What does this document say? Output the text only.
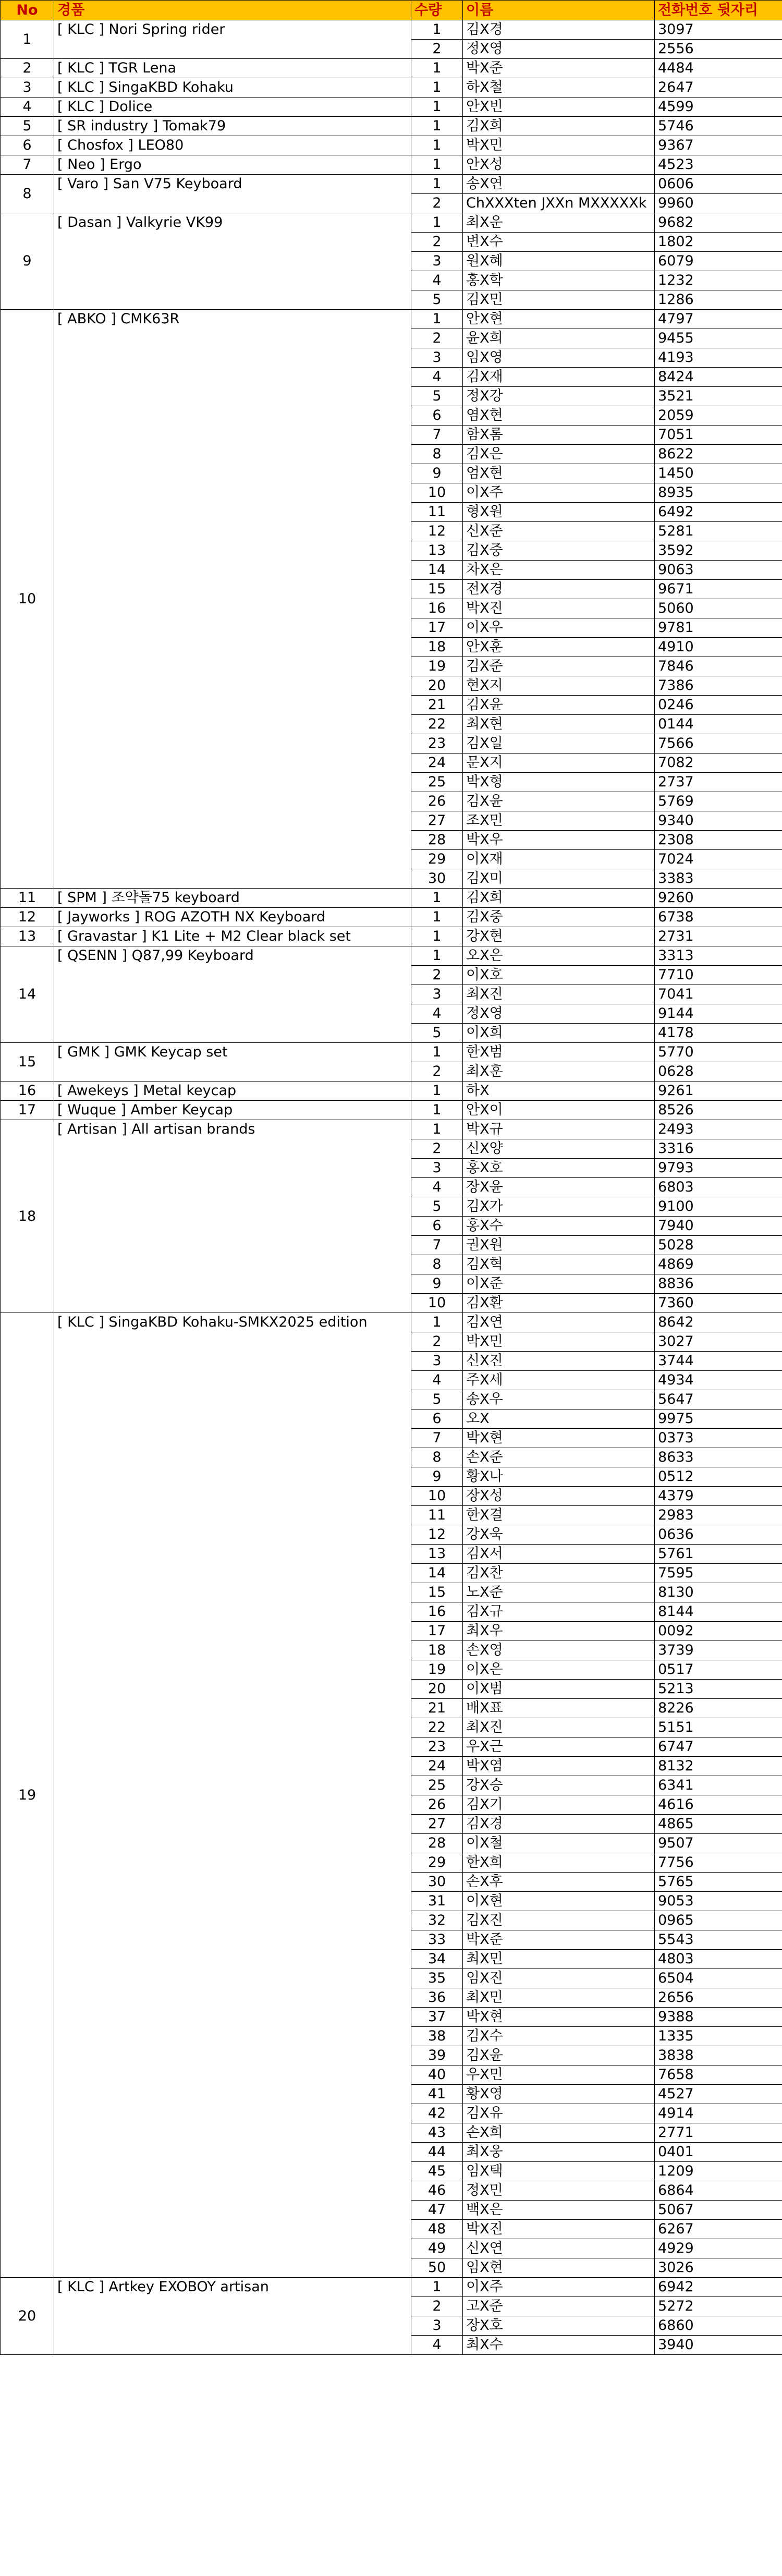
No	경품	수량	이름	전화번호 뒷자리
1	[ KLC ] Nori Spring rider	1	김X경	3097
		2	정X영	2556
2	[ KLC ] TGR Lena	1	박X준	4484
3	[ KLC ] SingaKBD Kohaku	1	하X철	2647
4	[ KLC ] Dolice	1	안X빈	4599
5	[ SR industry ] Tomak79	1	김X희	5746
6	[ Chosfox ] LEO80	1	박X민	9367
7	[ Neo ] Ergo	1	안X성	4523
8	[ Varo ] San V75 Keyboard	1	송X연	0606
		2	ChXXXten JXXn MXXXXXk	9960
9	[ Dasan ] Valkyrie VK99	1	최X운	9682
		2	변X수	1802
		3	원X혜	6079
		4	홍X학	1232
		5	김X민	1286
10	[ ABKO ] CMK63R	1	안X현	4797
		2	윤X희	9455
		3	임X영	4193
		4	김X재	8424
		5	정X강	3521
		6	염X현	2059
		7	함X롬	7051
		8	김X은	8622
		9	엄X현	1450
		10	이X주	8935
		11	형X원	6492
		12	신X준	5281
		13	김X중	3592
		14	차X은	9063
		15	전X경	9671
		16	박X진	5060
		17	이X우	9781
		18	안X훈	4910
		19	김X준	7846
		20	현X지	7386
		21	김X윤	0246
		22	최X현	0144
		23	김X일	7566
		24	문X지	7082
		25	박X형	2737
		26	김X윤	5769
		27	조X민	9340
		28	박X우	2308
		29	이X재	7024
		30	김X미	3383
11	[ SPM ] 조약돌75 keyboard	1	김X희	9260
12	[ Jayworks ] ROG AZOTH NX Keyboard	1	김X중	6738
13	[ Gravastar ] K1 Lite + M2 Clear black set	1	강X현	2731
14	[ QSENN ] Q87,99 Keyboard	1	오X은	3313
		2	이X호	7710
		3	최X진	7041
		4	정X영	9144
		5	이X희	4178
15	[ GMK ] GMK Keycap set	1	한X범	5770
		2	최X훈	0628
16	[ Awekeys ] Metal keycap	1	하X	9261
17	[ Wuque ] Amber Keycap	1	안X이	8526
18	[ Artisan ] All artisan brands	1	박X규	2493
		2	신X양	3316
		3	홍X호	9793
		4	장X윤	6803
		5	김X가	9100
		6	홍X수	7940
		7	권X원	5028
		8	김X혁	4869
		9	이X준	8836
		10	김X환	7360
19	[ KLC ] SingaKBD Kohaku-SMKX2025 edition	1	김X연	8642
		2	박X민	3027
		3	신X진	3744
		4	주X세	4934
		5	송X우	5647
		6	오X	9975
		7	박X현	0373
		8	손X준	8633
		9	황X나	0512
		10	장X성	4379
		11	한X결	2983
		12	강X욱	0636
		13	김X서	5761
		14	김X찬	7595
		15	노X준	8130
		16	김X규	8144
		17	최X우	0092
		18	손X영	3739
		19	이X은	0517
		20	이X범	5213
		21	배X표	8226
		22	최X진	5151
		23	우X근	6747
		24	박X염	8132
		25	강X승	6341
		26	김X기	4616
		27	김X경	4865
		28	이X철	9507
		29	한X희	7756
		30	손X후	5765
		31	이X현	9053
		32	김X진	0965
		33	박X준	5543
		34	최X민	4803
		35	임X진	6504
		36	최X민	2656
		37	박X현	9388
		38	김X수	1335
		39	김X윤	3838
		40	우X민	7658
		41	황X영	4527
		42	김X유	4914
		43	손X희	2771
		44	최X웅	0401
		45	임X택	1209
		46	정X민	6864
		47	백X은	5067
		48	박X진	6267
		49	신X연	4929
		50	임X현	3026
20	[ KLC ] Artkey EXOBOY artisan	1	이X주	6942
		2	고X준	5272
		3	장X호	6860
		4	최X수	3940
